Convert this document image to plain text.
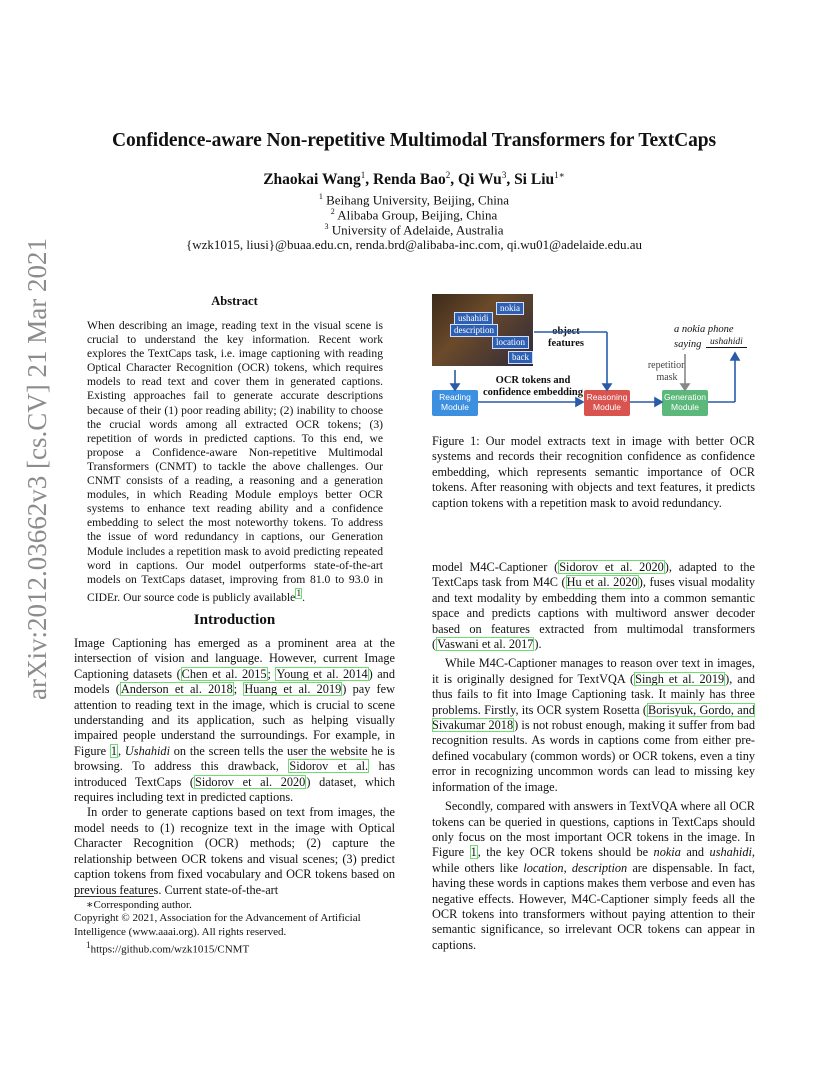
arXiv:2012.03662v3 [cs.CV] 21 Mar 2021
Confidence-aware Non-repetitive Multimodal Transformers for TextCaps
Zhaokai Wang$^1$, Renda Bao$^2$, Qi Wu$^3$, Si Liu$^{1∗}$
$^1$ Beihang University, Beijing, China
$^2$ Alibaba Group, Beijing, China
$^3$ University of Adelaide, Australia
{wzk1015, liusi}@buaa.edu.cn, renda.brd@alibaba-inc.com, qi.wu01@adelaide.edu.au
Abstract
When describing an image, reading text in the visual scene is crucial to understand the key information. Recent work explores the TextCaps task, i.e. image captioning with reading Optical Character Recognition (OCR) tokens, which requires models to read text and cover them in generated captions. Existing approaches fail to generate accurate descriptions because of their (1) poor reading ability; (2) inability to choose the crucial words among all extracted OCR tokens; (3) repetition of words in predicted captions. To this end, we propose a Confidence-aware Non-repetitive Multimodal Transformers (CNMT) to tackle the above challenges. Our CNMT consists of a reading, a reasoning and a generation modules, in which Reading Module employs better OCR systems to enhance text reading ability and a confidence embedding to select the most noteworthy tokens. To address the issue of word redundancy in captions, our Generation Module includes a repetition mask to avoid predicting repeated word in captions. Our model outperforms state-of-the-art models on TextCaps dataset, improving from 81.0 to 93.0 in CIDEr. Our source code is publicly available$^1$.
Introduction

Image Captioning has emerged as a prominent area at the intersection of vision and language. However, current Image Captioning datasets (Chen et al. 2015; Young et al. 2014) and models (Anderson et al. 2018; Huang et al. 2019) pay few attention to reading text in the image, which is crucial to scene understanding and its application, such as helping visually impaired people understand the surroundings. For example, in Figure 1, Ushahidi on the screen tells the user the website he is browsing. To address this drawback, Sidorov et al. has introduced TextCaps (Sidorov et al. 2020) dataset, which requires including text in predicted captions.

In order to generate captions based on text from images, the model needs to (1) recognize text in the image with Optical Character Recognition (OCR) methods; (2) capture the relationship between OCR tokens and visual scenes; (3) predict caption tokens from fixed vocabulary and OCR tokens based on previous features. Current state-of-the-art

∗Corresponding author.

Copyright © 2021, Association for the Advancement of Artificial Intelligence (www.aaai.org). All rights reserved.

$^1$https://github.com/wzk1015/CNMT

nokia
ushahidi
description
location
back
object features
OCR tokens and confidence embedding
a nokia phone
saying ushahidi
repetition mask
Reading Module
Reasoning Module
Generation Module
Figure 1: Our model extracts text in image with better OCR systems and records their recognition confidence as confidence embedding, which represents semantic importance of OCR tokens. After reasoning with objects and text features, it predicts caption tokens with a repetition mask to avoid redundancy.

model M4C-Captioner (Sidorov et al. 2020), adapted to the TextCaps task from M4C (Hu et al. 2020), fuses visual modality and text modality by embedding them into a common semantic space and predicts captions with multiword answer decoder based on features extracted from multimodal transformers (Vaswani et al. 2017).

While M4C-Captioner manages to reason over text in images, it is originally designed for TextVQA (Singh et al. 2019), and thus fails to fit into Image Captioning task. It mainly has three problems. Firstly, its OCR system Rosetta (Borisyuk, Gordo, and Sivakumar 2018) is not robust enough, making it suffer from bad recognition results. As words in captions come from either pre-defined vocabulary (common words) or OCR tokens, even a tiny error in recognizing uncommon words can lead to missing key information of the image.

Secondly, compared with answers in TextVQA where all OCR tokens can be queried in questions, captions in TextCaps should only focus on the most important OCR tokens in the image. In Figure 1, the key OCR tokens should be nokia and ushahidi, while others like location, description are dispensable. In fact, having these words in captions makes them verbose and even has negative effects. However, M4C-Captioner simply feeds all the OCR tokens into transformers without paying attention to their semantic significance, so irrelevant OCR tokens can appear in captions.
